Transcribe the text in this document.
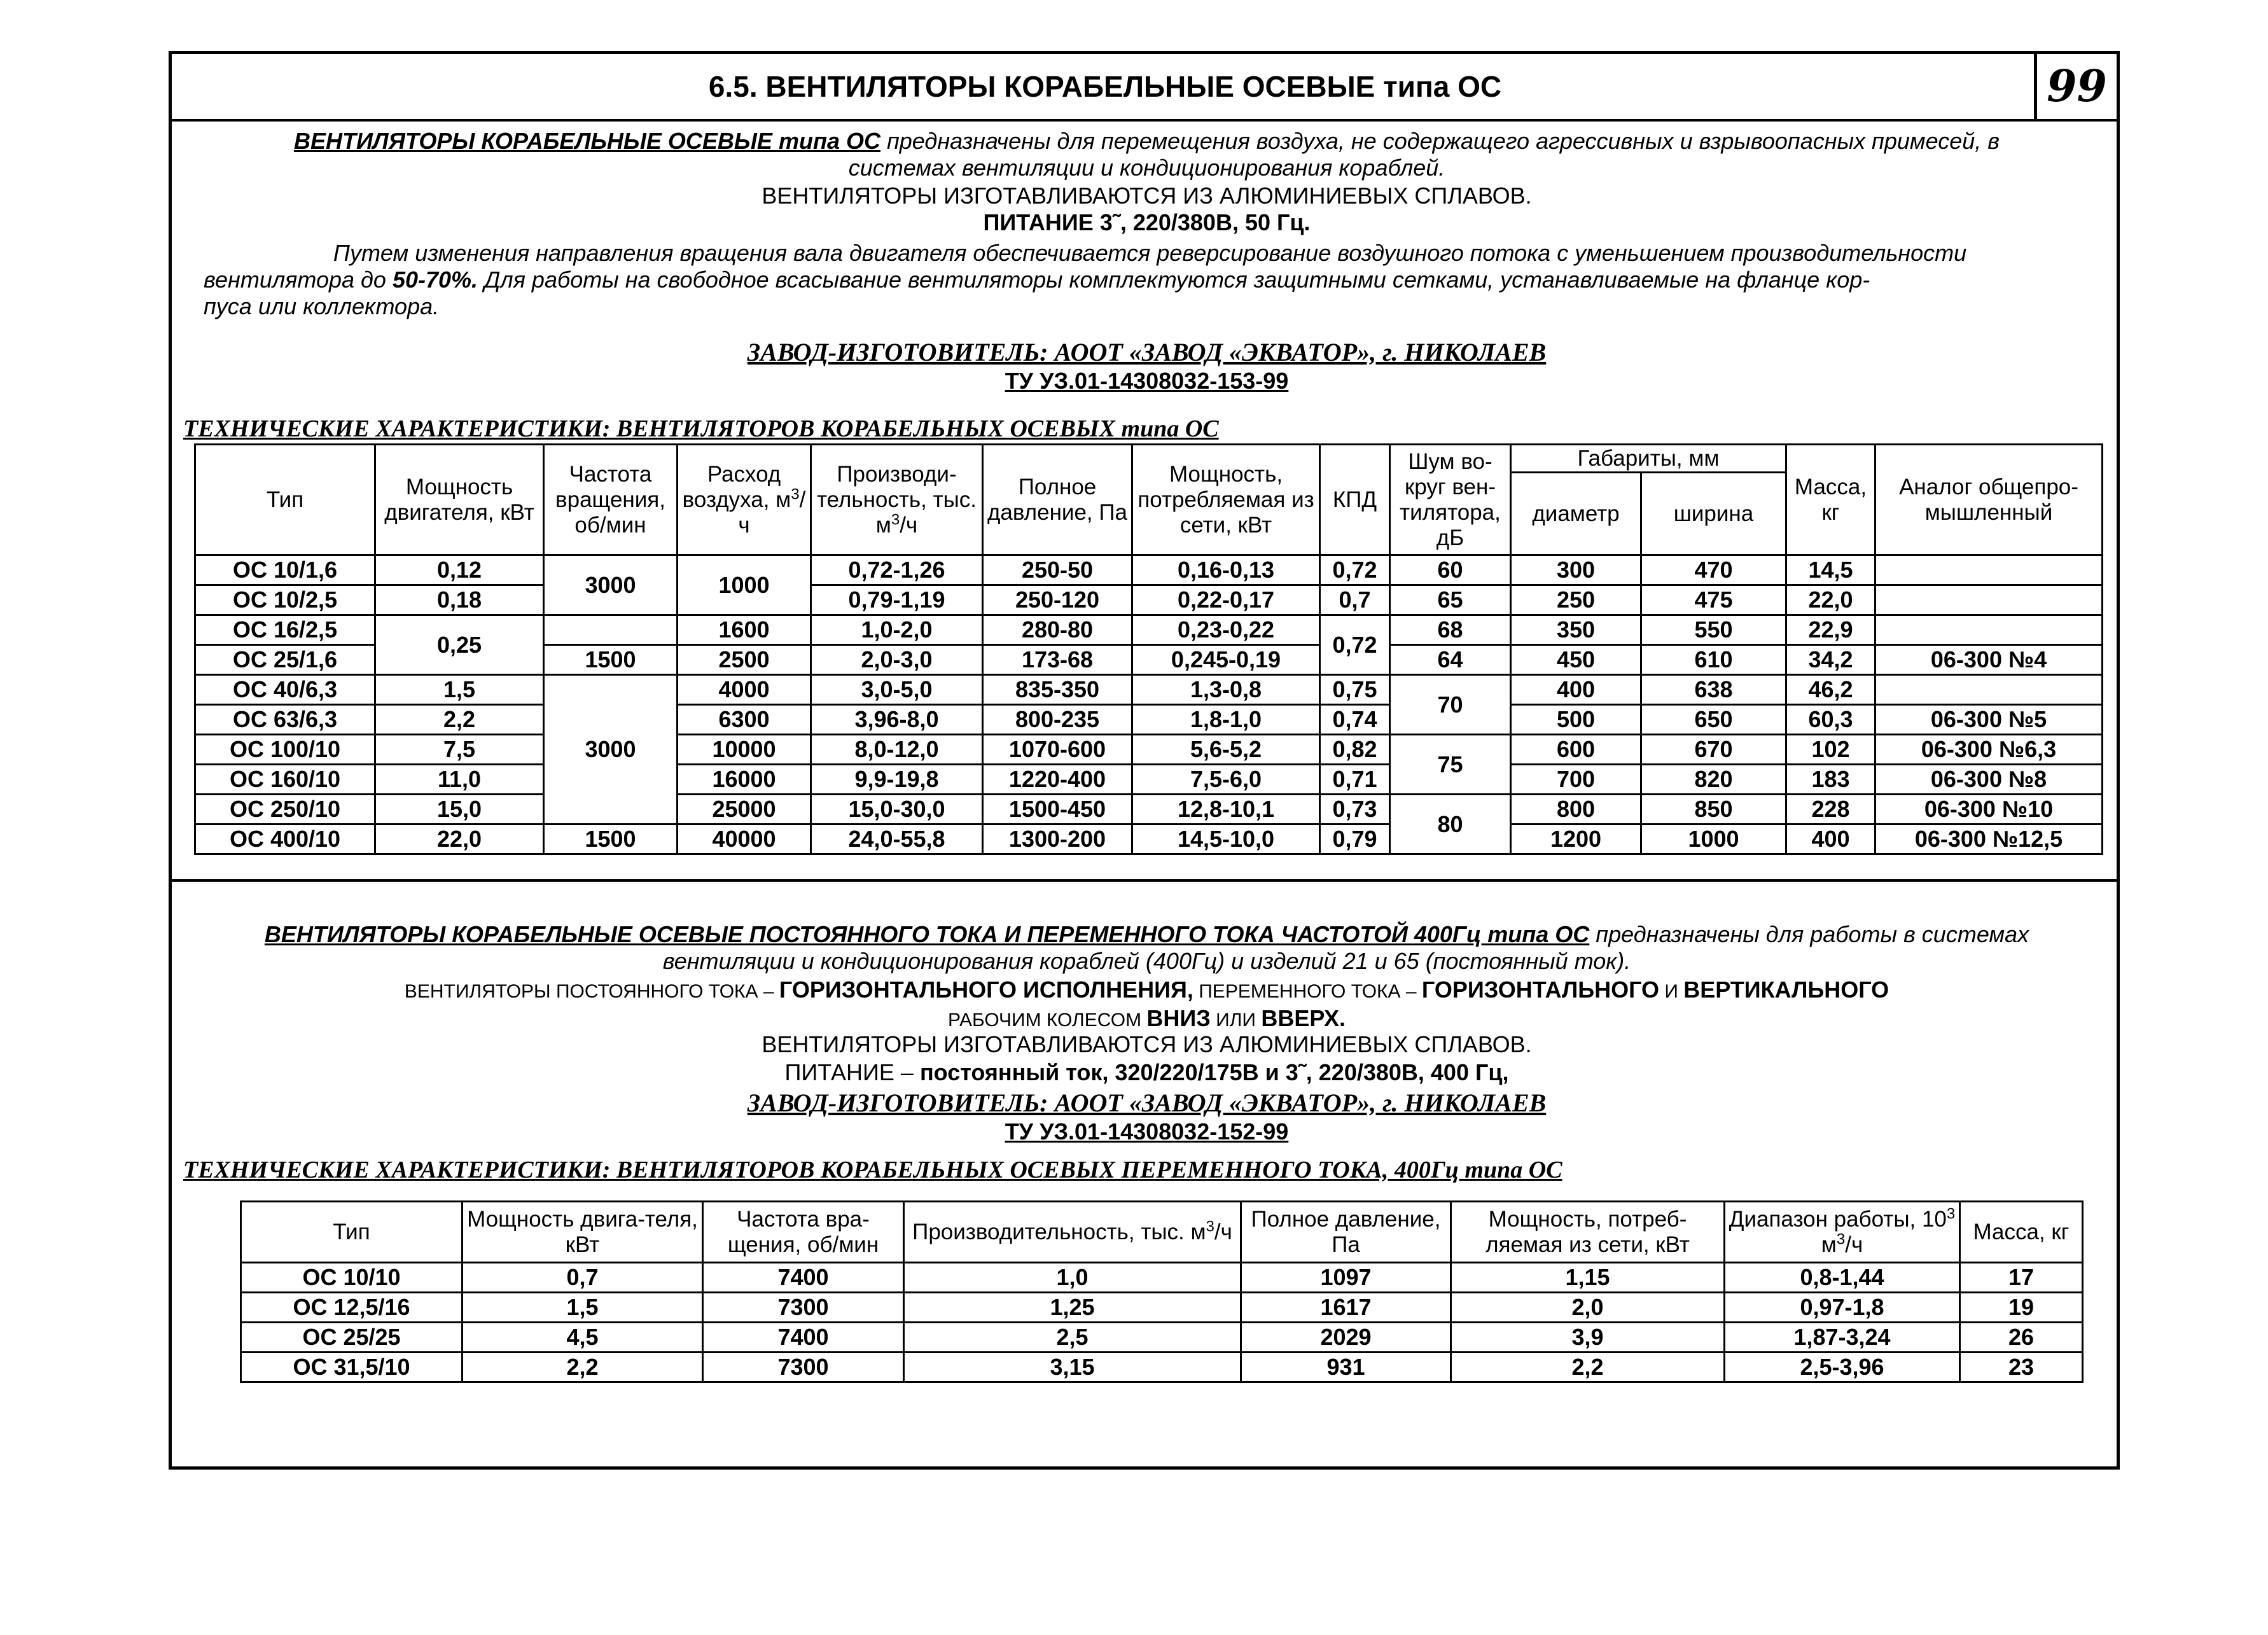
6.5. ВЕНТИЛЯТОРЫ КОРАБЕЛЬНЫЕ ОСЕВЫЕ типа ОС	99
ВЕНТИЛЯТОРЫ КОРАБЕЛЬНЫЕ ОСЕВЫЕ типа ОС предназначены для перемещения воздуха, не содержащего агрессивных и взрывоопасных примесей, в
системах вентиляции и кондиционирования кораблей.
ВЕНТИЛЯТОРЫ ИЗГОТАВЛИВАЮТСЯ ИЗ АЛЮМИНИЕВЫХ СПЛАВОВ.
ПИТАНИЕ 3˜, 220/380В, 50 Гц.
Путем изменения направления вращения вала двигателя обеспечивается реверсирование воздушного потока с уменьшением производительности
вентилятора до 50-70%. Для работы на свободное всасывание вентиляторы комплектуются защитными сетками, устанавливаемые на фланце кор-
пуса или коллектора.
ЗАВОД-ИЗГОТОВИТЕЛЬ: АООТ «ЗАВОД «ЭКВАТОР», г. НИКОЛАЕВ
ТУ УЗ.01-14308032-153-99
ТЕХНИЧЕСКИЕ ХАРАКТЕРИСТИКИ: ВЕНТИЛЯТОРОВ КОРАБЕЛЬНЫХ ОСЕВЫХ типа ОС
Тип	Мощность двигателя, кВт	Частота вращения, об/мин	Расход воздуха, $м^3/ч$	Производи-тельность, тыс. $м^3/ч$	Полное давление, Па	Мощность, потребляемая из сети, кВт	КПД	Шум во-круг вен-тилятора, дБ	Габариты, мм		Масса, кг	Аналог общепро-мышленный
									диаметр	ширина		
ОС 10/1,6	0,12	3000	1000	0,72-1,26	250-50	0,16-0,13	0,72	60	300	470	14,5	
ОС 10/2,5	0,18			0,79-1,19	250-120	0,22-0,17	0,7	65	250	475	22,0	
ОС 16/2,5	0,25		1600	1,0-2,0	280-80	0,23-0,22	0,72	68	350	550	22,9	
ОС 25/1,6		1500	2500	2,0-3,0	173-68	0,245-0,19		64	450	610	34,2	06-300 №4
ОС 40/6,3	1,5	3000	4000	3,0-5,0	835-350	1,3-0,8	0,75	70	400	638	46,2	
ОС 63/6,3	2,2		6300	3,96-8,0	800-235	1,8-1,0	0,74		500	650	60,3	06-300 №5
ОС 100/10	7,5		10000	8,0-12,0	1070-600	5,6-5,2	0,82	75	600	670	102	06-300 №6,3
ОС 160/10	11,0		16000	9,9-19,8	1220-400	7,5-6,0	0,71		700	820	183	06-300 №8
ОС 250/10	15,0		25000	15,0-30,0	1500-450	12,8-10,1	0,73	80	800	850	228	06-300 №10
ОС 400/10	22,0	1500	40000	24,0-55,8	1300-200	14,5-10,0	0,79		1200	1000	400	06-300 №12,5
ВЕНТИЛЯТОРЫ КОРАБЕЛЬНЫЕ ОСЕВЫЕ ПОСТОЯННОГО ТОКА И ПЕРЕМЕННОГО ТОКА ЧАСТОТОЙ 400Гц типа ОС предназначены для работы в системах
вентиляции и кондиционирования кораблей (400Гц) и изделий 21 и 65 (постоянный ток).
ВЕНТИЛЯТОРЫ ПОСТОЯННОГО ТОКА – ГОРИЗОНТАЛЬНОГО ИСПОЛНЕНИЯ, ПЕРЕМЕННОГО ТОКА – ГОРИЗОНТАЛЬНОГО И ВЕРТИКАЛЬНОГО
РАБОЧИМ КОЛЕСОМ ВНИЗ ИЛИ ВВЕРХ.
ВЕНТИЛЯТОРЫ ИЗГОТАВЛИВАЮТСЯ ИЗ АЛЮМИНИЕВЫХ СПЛАВОВ.
ПИТАНИЕ – постоянный ток, 320/220/175В и 3˜, 220/380В, 400 Гц,
ЗАВОД-ИЗГОТОВИТЕЛЬ: АООТ «ЗАВОД «ЭКВАТОР», г. НИКОЛАЕВ
ТУ УЗ.01-14308032-152-99
ТЕХНИЧЕСКИЕ ХАРАКТЕРИСТИКИ: ВЕНТИЛЯТОРОВ КОРАБЕЛЬНЫХ ОСЕВЫХ ПЕРЕМЕННОГО ТОКА, 400Гц типа ОС
Тип	Мощность двига-теля, кВт	Частота вра-щения, об/мин	Производительность, тыс. $м^3/ч$	Полное давление, Па	Мощность, потреб-ляемая из сети, кВт	Диапазон работы, $10^3$ $м^3/ч$	Масса, кг
ОС 10/10	0,7	7400	1,0	1097	1,15	0,8-1,44	17
ОС 12,5/16	1,5	7300	1,25	1617	2,0	0,97-1,8	19
ОС 25/25	4,5	7400	2,5	2029	3,9	1,87-3,24	26
ОС 31,5/10	2,2	7300	3,15	931	2,2	2,5-3,96	23
